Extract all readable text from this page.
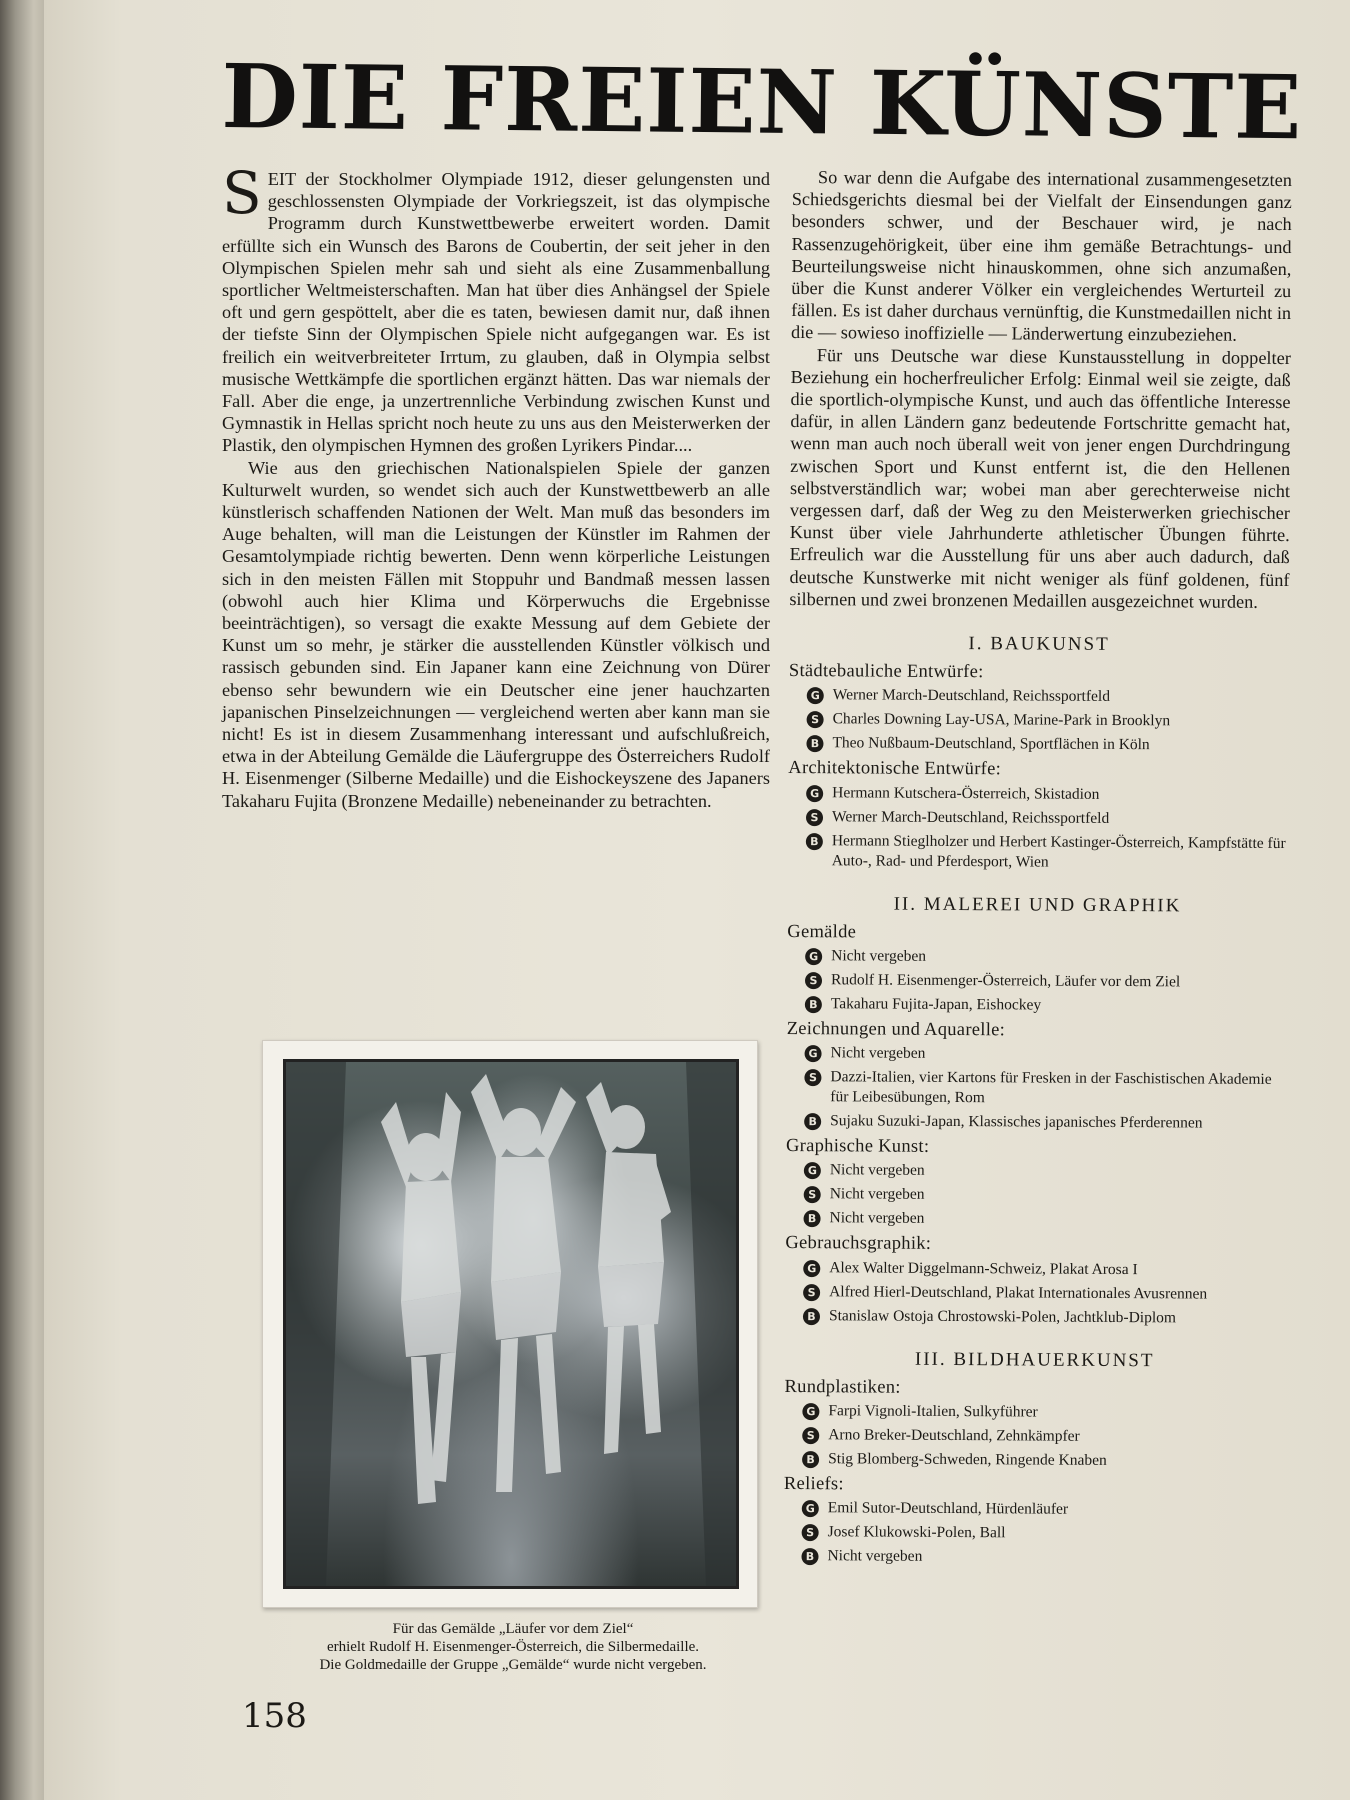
DIE FREIEN KÜNSTE

SEIT der Stockholmer Olympiade 1912, dieser gelungensten und geschlossensten Olympiade der Vorkriegszeit, ist das olympische Programm durch Kunstwettbewerbe erweitert worden. Damit erfüllte sich ein Wunsch des Barons de Coubertin, der seit jeher in den Olympischen Spielen mehr sah und sieht als eine Zusammenballung sportlicher Weltmeisterschaften. Man hat über dies Anhängsel der Spiele oft und gern gespöttelt, aber die es taten, bewiesen damit nur, daß ihnen der tiefste Sinn der Olympischen Spiele nicht aufgegangen war. Es ist freilich ein weitverbreiteter Irrtum, zu glauben, daß in Olympia selbst musische Wettkämpfe die sportlichen ergänzt hätten. Das war niemals der Fall. Aber die enge, ja unzertrennliche Verbindung zwischen Kunst und Gymnastik in Hellas spricht noch heute zu uns aus den Meisterwerken der Plastik, den olympischen Hymnen des großen Lyrikers Pindar....

Wie aus den griechischen Nationalspielen Spiele der ganzen Kulturwelt wurden, so wendet sich auch der Kunstwettbewerb an alle künstlerisch schaffenden Nationen der Welt. Man muß das besonders im Auge behalten, will man die Leistungen der Künstler im Rahmen der Gesamtolympiade richtig bewerten. Denn wenn körperliche Leistungen sich in den meisten Fällen mit Stoppuhr und Bandmaß messen lassen (obwohl auch hier Klima und Körperwuchs die Ergebnisse beeinträchtigen), so versagt die exakte Messung auf dem Gebiete der Kunst um so mehr, je stärker die ausstellenden Künstler völkisch und rassisch gebunden sind. Ein Japaner kann eine Zeichnung von Dürer ebenso sehr bewundern wie ein Deutscher eine jener hauchzarten japanischen Pinselzeichnungen — vergleichend werten aber kann man sie nicht! Es ist in diesem Zusammenhang interessant und aufschlußreich, etwa in der Abteilung Gemälde die Läufergruppe des Österreichers Rudolf H. Eisenmenger (Silberne Medaille) und die Eishockeyszene des Japaners Takaharu Fujita (Bronzene Medaille) nebeneinander zu betrachten.

So war denn die Aufgabe des international zusammengesetzten Schiedsgerichts diesmal bei der Vielfalt der Einsendungen ganz besonders schwer, und der Beschauer wird, je nach Rassenzugehörigkeit, über eine ihm gemäße Betrachtungs- und Beurteilungsweise nicht hinauskommen, ohne sich anzumaßen, über die Kunst anderer Völker ein vergleichendes Werturteil zu fällen. Es ist daher durchaus vernünftig, die Kunstmedaillen nicht in die — sowieso inoffizielle — Länderwertung einzubeziehen.

Für uns Deutsche war diese Kunstausstellung in doppelter Beziehung ein hocherfreulicher Erfolg: Einmal weil sie zeigte, daß die sportlich-olympische Kunst, und auch das öffentliche Interesse dafür, in allen Ländern ganz bedeutende Fortschritte gemacht hat, wenn man auch noch überall weit von jener engen Durchdringung zwischen Sport und Kunst entfernt ist, die den Hellenen selbstverständlich war; wobei man aber gerechterweise nicht vergessen darf, daß der Weg zu den Meisterwerken griechischer Kunst über viele Jahrhunderte athletischer Übungen führte. Erfreulich war die Ausstellung für uns aber auch dadurch, daß deutsche Kunstwerke mit nicht weniger als fünf goldenen, fünf silbernen und zwei bronzenen Medaillen ausgezeichnet wurden.

I. BAUKUNST
Städtebauliche Entwürfe:
G Werner March-Deutschland, Reichssportfeld
S Charles Downing Lay-USA, Marine-Park in Brooklyn
B Theo Nußbaum-Deutschland, Sportflächen in Köln
Architektonische Entwürfe:
G Hermann Kutschera-Österreich, Skistadion
S Werner March-Deutschland, Reichssportfeld
B Hermann Stieglholzer und Herbert Kastinger-Österreich, Kampfstätte für Auto-, Rad- und Pferdesport, Wien
II. MALEREI UND GRAPHIK
Gemälde
G Nicht vergeben
S Rudolf H. Eisenmenger-Österreich, Läufer vor dem Ziel
B Takaharu Fujita-Japan, Eishockey
Zeichnungen und Aquarelle:
G Nicht vergeben
S Dazzi-Italien, vier Kartons für Fresken in der Faschistischen Akademie für Leibesübungen, Rom
B Sujaku Suzuki-Japan, Klassisches japanisches Pferderennen
Graphische Kunst:
G Nicht vergeben
S Nicht vergeben
B Nicht vergeben
Gebrauchsgraphik:
G Alex Walter Diggelmann-Schweiz, Plakat Arosa I
S Alfred Hierl-Deutschland, Plakat Internationales Avusrennen
B Stanislaw Ostoja Chrostowski-Polen, Jachtklub-Diplom
III. BILDHAUERKUNST
Rundplastiken:
G Farpi Vignoli-Italien, Sulkyführer
S Arno Breker-Deutschland, Zehnkämpfer
B Stig Blomberg-Schweden, Ringende Knaben
Reliefs:
G Emil Sutor-Deutschland, Hürdenläufer
S Josef Klukowski-Polen, Ball
B Nicht vergeben
Für das Gemälde „Läufer vor dem Ziel“
erhielt Rudolf H. Eisenmenger-Österreich, die Silbermedaille.
Die Goldmedaille der Gruppe „Gemälde“ wurde nicht vergeben.
158
